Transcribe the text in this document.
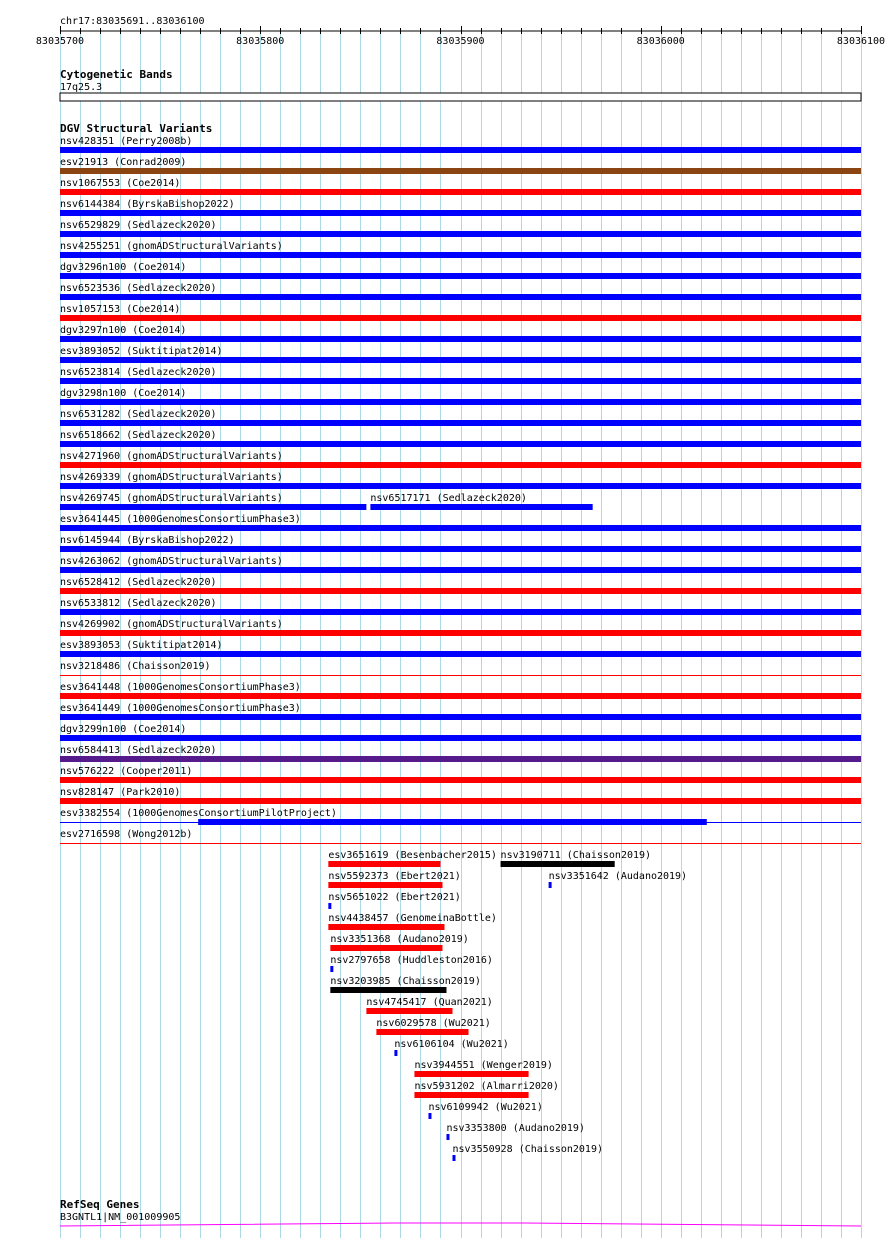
chr17:83035691..83036100
83035700	83035800	83035900	83036000	83036100
Cytogenetic Bands
17q25.3
DGV Structural Variants
nsv428351 (Perry2008b)
esv21913 (Conrad2009)
nsv1067553 (Coe2014)
nsv6144384 (ByrskaBishop2022)
nsv6529829 (Sedlazeck2020)
nsv4255251 (gnomADStructuralVariants)
dgv3296n100 (Coe2014)
nsv6523536 (Sedlazeck2020)
nsv1057153 (Coe2014)
dgv3297n100 (Coe2014)
esv3893052 (Suktitipat2014)
nsv6523814 (Sedlazeck2020)
dgv3298n100 (Coe2014)
nsv6531282 (Sedlazeck2020)
nsv6518662 (Sedlazeck2020)
nsv4271960 (gnomADStructuralVariants)
nsv4269339 (gnomADStructuralVariants)
nsv4269745 (gnomADStructuralVariants)	nsv6517171 (Sedlazeck2020)
esv3641445 (1000GenomesConsortiumPhase3)
nsv6145944 (ByrskaBishop2022)
nsv4263062 (gnomADStructuralVariants)
nsv6528412 (Sedlazeck2020)
nsv6533812 (Sedlazeck2020)
nsv4269902 (gnomADStructuralVariants)
esv3893053 (Suktitipat2014)
nsv3218486 (Chaisson2019)
esv3641448 (1000GenomesConsortiumPhase3)
esv3641449 (1000GenomesConsortiumPhase3)
dgv3299n100 (Coe2014)
nsv6584413 (Sedlazeck2020)
nsv576222 (Cooper2011)
nsv828147 (Park2010)
esv3382554 (1000GenomesConsortiumPilotProject)
esv2716598 (Wong2012b)
esv3651619 (Besenbacher2015) nsv3190711 (Chaisson2019)
nsv5592373 (Ebert2021)	nsv3351642 (Audano2019)
nsv5651022 (Ebert2021)
nsv4438457 (GenomeinaBottle)
nsv3351368 (Audano2019)
nsv2797658 (Huddleston2016)
nsv3203985 (Chaisson2019)
nsv4745417 (Quan2021)
nsv6029578 (Wu2021)
nsv6106104 (Wu2021)
nsv3944551 (Wenger2019)
nsv5931202 (Almarri2020)
nsv6109942 (Wu2021)
nsv3353800 (Audano2019)
nsv3550928 (Chaisson2019)
RefSeq Genes
B3GNTL1|NM_001009905
